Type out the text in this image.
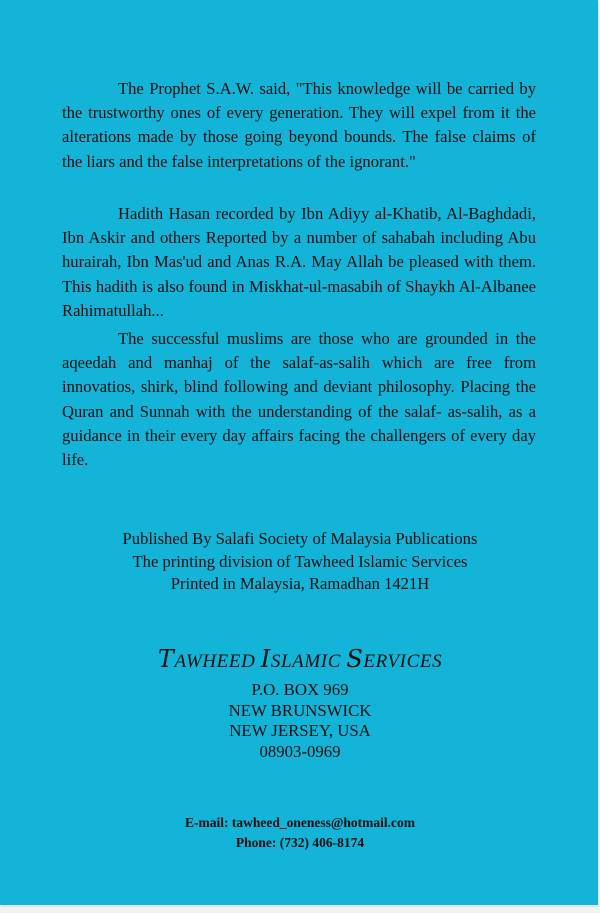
The Prophet S.A.W. said, "This knowledge will be carried by the trustworthy ones of every generation. They will expel from it the alterations made by those going beyond bounds. The false claims of the liars and the false interpretations of the ignorant."

Hadith Hasan recorded by Ibn Adiyy al-Khatib, Al-Baghdadi, Ibn Askir and others Reported by a number of sahabah including Abu hurairah, Ibn Mas'ud and Anas R.A. May Allah be pleased with them. This hadith is also found in Miskhat-ul-masabih of Shaykh Al-Albanee Rahimatullah...

The successful muslims are those who are grounded in the aqeedah and manhaj of the salaf-as-salih which are free from innovatios, shirk, blind following and deviant philosophy. Placing the Quran and Sunnah with the understanding of the salaf- as-salih, as a guidance in their every day affairs facing the challengers of every day life.

Published By Salafi Society of Malaysia Publications
The printing division of Tawheed Islamic Services
Printed in Malaysia, Ramadhan 1421H
TAWHEED ISLAMIC SERVICES
P.O. BOX 969
NEW BRUNSWICK
NEW JERSEY, USA
08903-0969
E-mail: tawheed_oneness@hotmail.com
Phone: (732) 406-8174
